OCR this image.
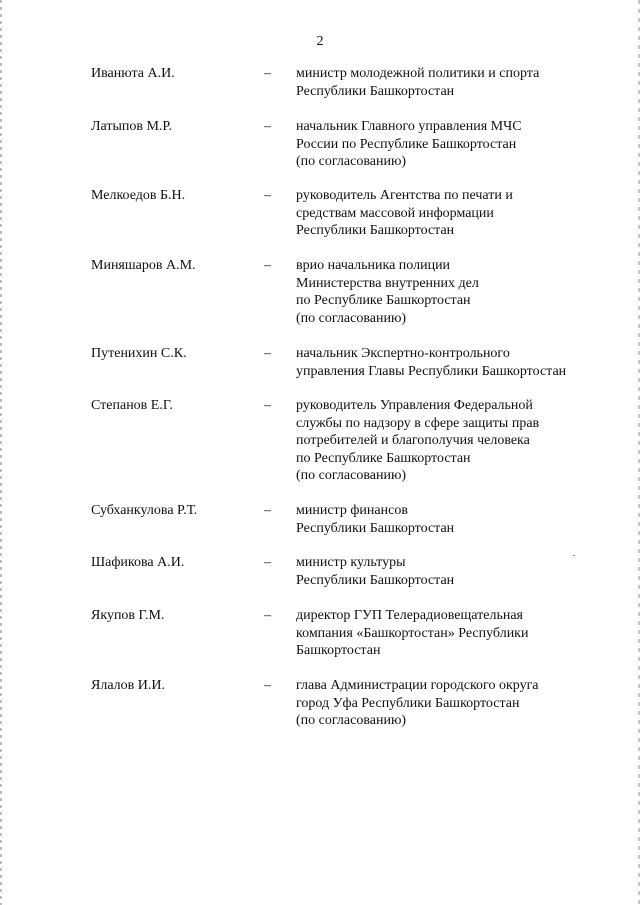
2
Иванюта А.И.	– министр молодежной политики и спорта
Республики Башкортостан
Латыпов М.Р.	– начальник Главного управления МЧС
России по Республике Башкортостан
(по согласованию)
Мелкоедов Б.Н.	– руководитель Агентства по печати и
средствам массовой информации
Республики Башкортостан
Миняшаров А.М.	– врио начальника полиции
Министерства внутренних дел
по Республике Башкортостан
(по согласованию)
Путенихин С.К.	– начальник Экспертно-контрольного
управления Главы Республики Башкортостан
Степанов Е.Г.	– руководитель Управления Федеральной
службы по надзору в сфере защиты прав
потребителей и благополучия человека
по Республике Башкортостан
(по согласованию)
Субханкулова Р.Т.	– министр финансов
Республики Башкортостан
Шафикова А.И.	– министр культуры
Республики Башкортостан
Якупов Г.М.	– директор ГУП Телерадиовещательная
компания «Башкортостан» Республики
Башкортостан
Ялалов И.И.	– глава Администрации городского округа
город Уфа Республики Башкортостан
(по согласованию)
